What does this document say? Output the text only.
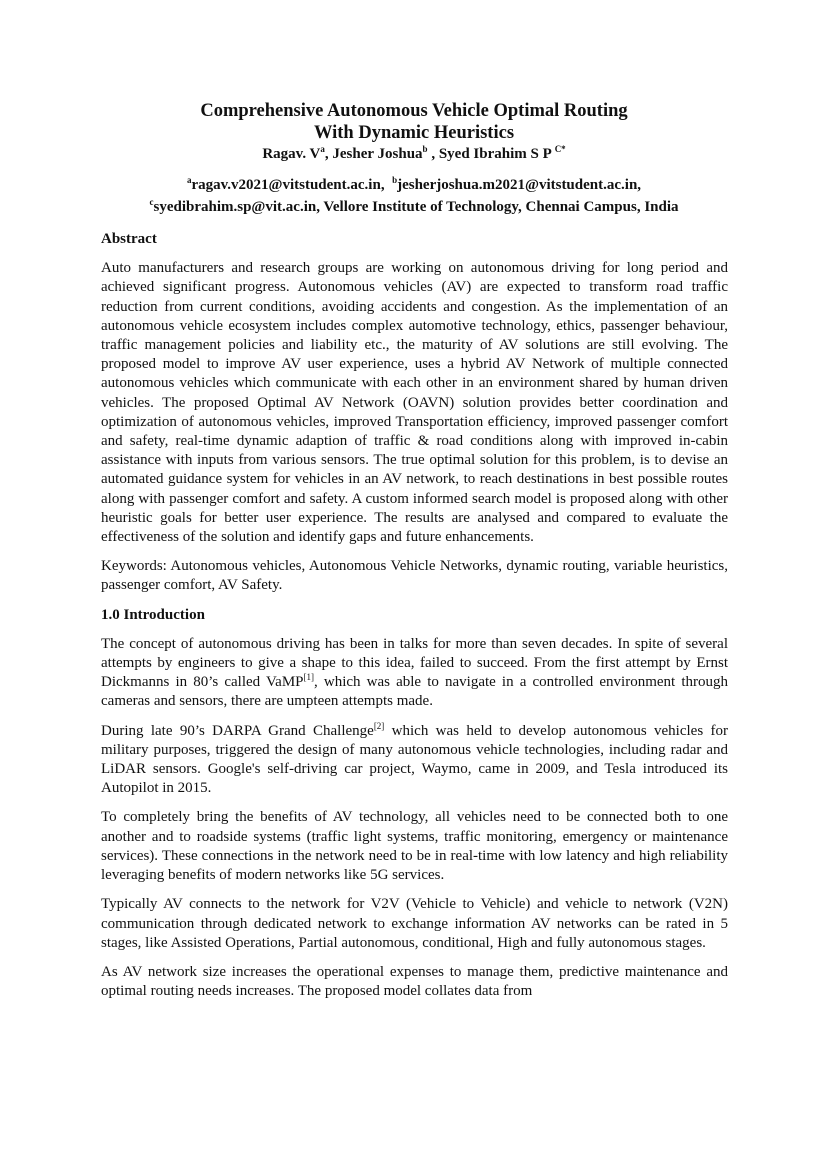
Comprehensive Autonomous Vehicle Optimal Routing
With Dynamic Heuristics

Ragav. $V^a$, Jesher Joshua$^b$ , Syed Ibrahim S P $^{C*}$

$^a$ragav.v2021@vitstudent.ac.in, $^b$jesherjoshua.m2021@vitstudent.ac.in,
$^c$syedibrahim.sp@vit.ac.in, Vellore Institute of Technology, Chennai Campus, India

Abstract

Auto manufacturers and research groups are working on autonomous driving for long period and achieved significant progress. Autonomous vehicles (AV) are expected to transform road traffic reduction from current conditions, avoiding accidents and congestion. As the implementation of an autonomous vehicle ecosystem includes complex automotive technology, ethics, passenger behaviour, traffic management policies and liability etc., the maturity of AV solutions are still evolving. The proposed model to improve AV user experience, uses a hybrid AV Network of multiple connected autonomous vehicles which communicate with each other in an environment shared by human driven vehicles. The proposed Optimal AV Network (OAVN) solution provides better coordination and optimization of autonomous vehicles, improved Transportation efficiency, improved passenger comfort and safety, real-time dynamic adaption of traffic & road conditions along with improved in-cabin assistance with inputs from various sensors. The true optimal solution for this problem, is to devise an automated guidance system for vehicles in an AV network, to reach destinations in best possible routes along with passenger comfort and safety. A custom informed search model is proposed along with other heuristic goals for better user experience. The results are analysed and compared to evaluate the effectiveness of the solution and identify gaps and future enhancements.

Keywords: Autonomous vehicles, Autonomous Vehicle Networks, dynamic routing, variable heuristics, passenger comfort, AV Safety.

1.0 Introduction

The concept of autonomous driving has been in talks for more than seven decades. In spite of several attempts by engineers to give a shape to this idea, failed to succeed. From the first attempt by Ernst Dickmanns in 80’s called VaMP[1], which was able to navigate in a controlled environment through cameras and sensors, there are umpteen attempts made.

During late 90’s DARPA Grand Challenge[2] which was held to develop autonomous vehicles for military purposes, triggered the design of many autonomous vehicle technologies, including radar and LiDAR sensors. Google's self-driving car project, Waymo, came in 2009, and Tesla introduced its Autopilot in 2015.

To completely bring the benefits of AV technology, all vehicles need to be connected both to one another and to roadside systems (traffic light systems, traffic monitoring, emergency or maintenance services). These connections in the network need to be in real-time with low latency and high reliability leveraging benefits of modern networks like 5G services.

Typically AV connects to the network for V2V (Vehicle to Vehicle) and vehicle to network (V2N) communication through dedicated network to exchange information AV networks can be rated in 5 stages, like Assisted Operations, Partial autonomous, conditional, High and fully autonomous stages.

As AV network size increases the operational expenses to manage them, predictive maintenance and optimal routing needs increases. The proposed model collates data from
